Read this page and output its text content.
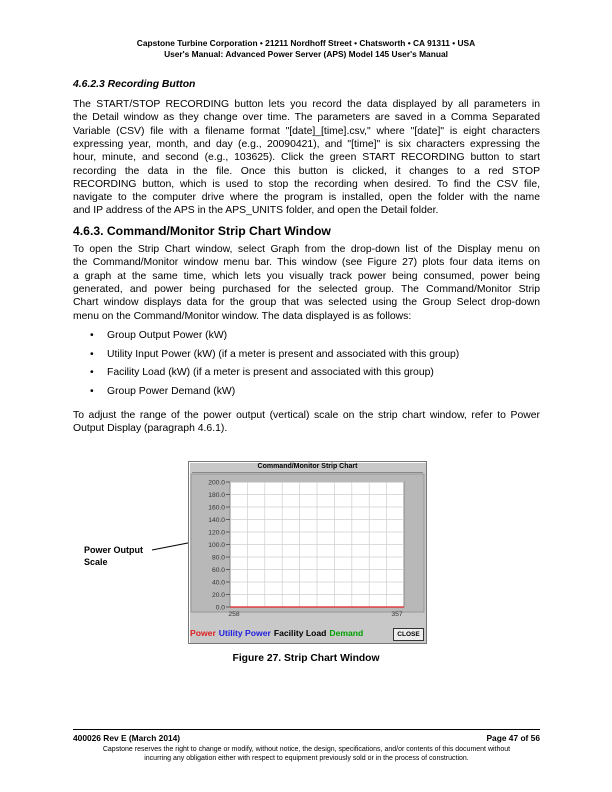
Capstone Turbine Corporation • 21211 Nordhoff Street • Chatsworth • CA 91311 • USA
User's Manual: Advanced Power Server (APS) Model 145 User's Manual
4.6.2.3 Recording Button
The START/STOP RECORDING button lets you record the data displayed by all parameters in
the Detail window as they change over time. The parameters are saved in a Comma Separated
Variable (CSV) file with a filename format "[date]_[time].csv," where "[date]" is eight characters
expressing year, month, and day (e.g., 20090421), and "[time]" is six characters expressing the
hour, minute, and second (e.g., 103625). Click the green START RECORDING button to start
recording the data in the file. Once this button is clicked, it changes to a red STOP
RECORDING button, which is used to stop the recording when desired. To find the CSV file,
navigate to the computer drive where the program is installed, open the folder with the name
and IP address of the APS in the APS_UNITS folder, and open the Detail folder.
4.6.3. Command/Monitor Strip Chart Window
To open the Strip Chart window, select Graph from the drop-down list of the Display menu on
the Command/Monitor window menu bar. This window (see Figure 27) plots four data items on
a graph at the same time, which lets you visually track power being consumed, power being
generated, and power being purchased for the selected group. The Command/Monitor Strip
Chart window displays data for the group that was selected using the Group Select drop-down
menu on the Command/Monitor window. The data displayed is as follows:
• Group Output Power (kW)
• Utility Input Power (kW) (if a meter is present and associated with this group)
• Facility Load (kW) (if a meter is present and associated with this group)
• Group Power Demand (kW)
To adjust the range of the power output (vertical) scale on the strip chart window, refer to Power
Output Display (paragraph 4.6.1).
Power Output
Scale
Command/Monitor Strip Chart
200.0
180.0
160.0
140.0
120.0
100.0
80.0
60.0
40.0
20.0
0.0
258	357
Power Utility Power Facility Load Demand	CLOSE
Figure 27. Strip Chart Window
400026 Rev E (March 2014)	Page 47 of 56
Capstone reserves the right to change or modify, without notice, the design, specifications, and/or contents of this document without
incurring any obligation either with respect to equipment previously sold or in the process of construction.
